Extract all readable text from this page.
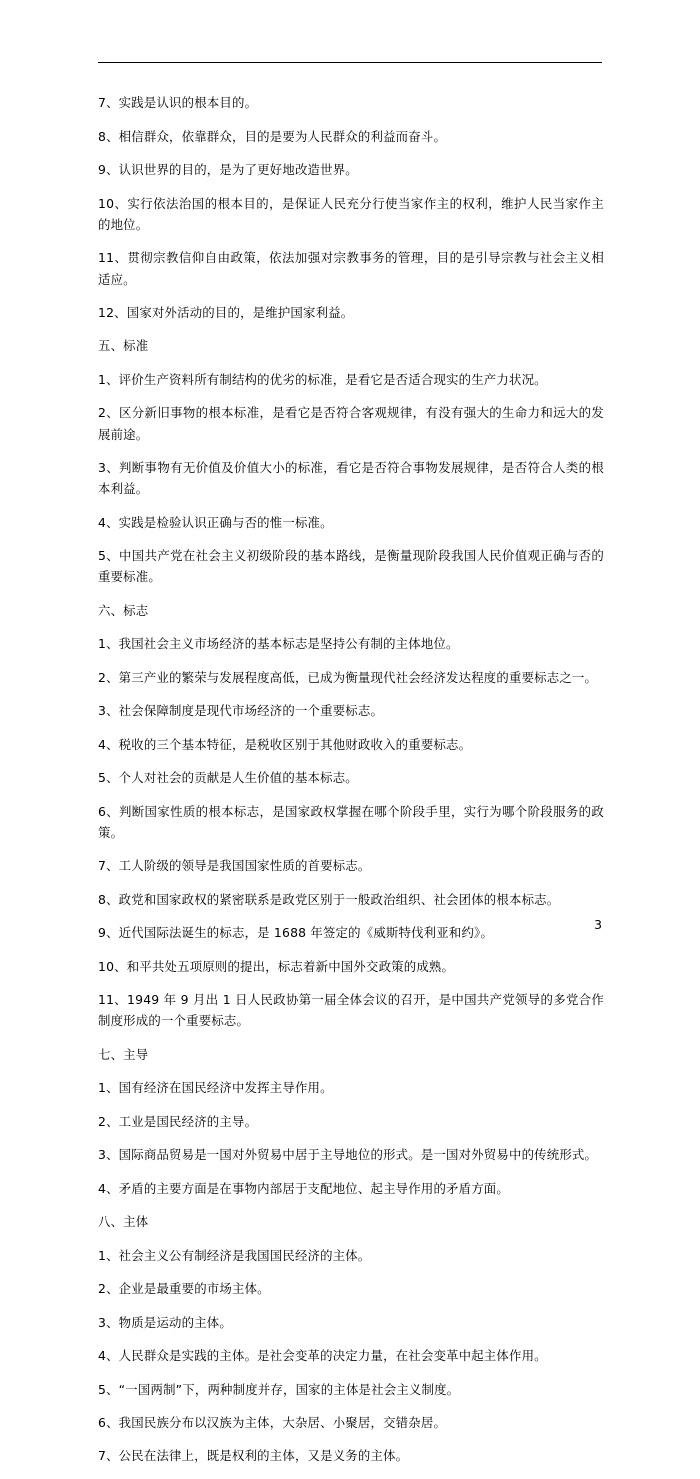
7、实践是认识的根本目的。

8、相信群众，依靠群众，目的是要为人民群众的利益而奋斗。

9、认识世界的目的，是为了更好地改造世界。

10、实行依法治国的根本目的，是保证人民充分行使当家作主的权利，维护人民当家作主的地位。

11、贯彻宗教信仰自由政策，依法加强对宗教事务的管理，目的是引导宗教与社会主义相适应。

12、国家对外活动的目的，是维护国家利益。

五、标准

1、评价生产资料所有制结构的优劣的标准，是看它是否适合现实的生产力状况。

2、区分新旧事物的根本标准，是看它是否符合客观规律，有没有强大的生命力和远大的发展前途。

3、判断事物有无价值及价值大小的标准，看它是否符合事物发展规律，是否符合人类的根本利益。

4、实践是检验认识正确与否的惟一标准。

5、中国共产党在社会主义初级阶段的基本路线，是衡量现阶段我国人民价值观正确与否的重要标准。

六、标志

1、我国社会主义市场经济的基本标志是坚持公有制的主体地位。

2、第三产业的繁荣与发展程度高低，已成为衡量现代社会经济发达程度的重要标志之一。

3、社会保障制度是现代市场经济的一个重要标志。

4、税收的三个基本特征，是税收区别于其他财政收入的重要标志。

5、个人对社会的贡献是人生价值的基本标志。

6、判断国家性质的根本标志，是国家政权掌握在哪个阶段手里，实行为哪个阶段服务的政策。

7、工人阶级的领导是我国国家性质的首要标志。

8、政党和国家政权的紧密联系是政党区别于一般政治组织、社会团体的根本标志。

9、近代国际法诞生的标志，是 1688 年签定的《威斯特伐利亚和约》。

10、和平共处五项原则的提出，标志着新中国外交政策的成熟。

11、1949 年 9 月出 1 日人民政协第一届全体会议的召开，是中国共产党领导的多党合作制度形成的一个重要标志。

七、主导

1、国有经济在国民经济中发挥主导作用。

2、工业是国民经济的主导。

3、国际商品贸易是一国对外贸易中居于主导地位的形式。是一国对外贸易中的传统形式。

4、矛盾的主要方面是在事物内部居于支配地位、起主导作用的矛盾方面。

八、主体

1、社会主义公有制经济是我国国民经济的主体。

2、企业是最重要的市场主体。

3、物质是运动的主体。

4、人民群众是实践的主体。是社会变革的决定力量，在社会变革中起主体作用。

5、“一国两制”下，两种制度并存，国家的主体是社会主义制度。

6、我国民族分布以汉族为主体，大杂居、小聚居，交错杂居。

7、公民在法律上，既是权利的主体，又是义务的主体。

3
